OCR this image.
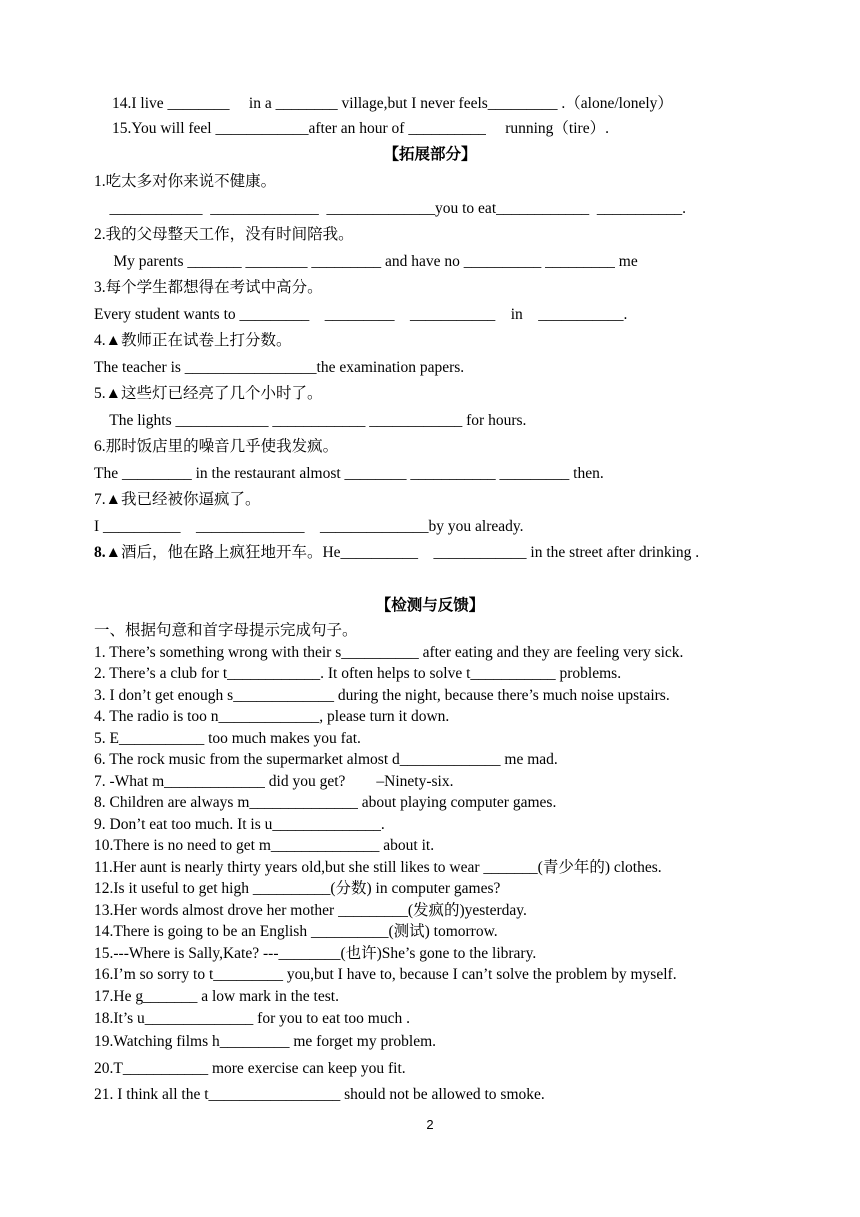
14.I live ________     in a ________ village,but I never feels_________ .（alone/lonely）
15.You will feel ____________after an hour of __________     running（tire）.
【拓展部分】
1.吃太多对你来说不健康。
____________  ______________  ______________you to eat____________  ___________.
2.我的父母整天工作，没有时间陪我。
My parents _______ ________ _________ and have no __________ _________ me
3.每个学生都想得在考试中高分。
Every student wants to _________    _________    ___________    in    ___________.
4.▲教师正在试卷上打分数。
The teacher is _________________the examination papers.
5.▲这些灯已经亮了几个小时了。
The lights ____________ ____________ ____________ for hours.
6.那时饭店里的噪音几乎使我发疯。
The _________ in the restaurant almost ________ ___________ _________ then.
7.▲我已经被你逼疯了。
I __________    ______________    ______________by you already.
8.▲酒后，他在路上疯狂地开车。He__________    ____________ in the street after drinking .
【检测与反馈】
一、根据句意和首字母提示完成句子。
1. There’s something wrong with their s__________ after eating and they are feeling very sick.
2. There’s a club for t____________. It often helps to solve t___________ problems.
3. I don’t get enough s_____________ during the night, because there’s much noise upstairs.
4. The radio is too n_____________, please turn it down.
5. E___________ too much makes you fat.
6. The rock music from the supermarket almost d_____________ me mad.
7. -What m_____________ did you get?        –Ninety-six.
8. Children are always m______________ about playing computer games.
9. Don’t eat too much. It is u______________.
10.There is no need to get m______________ about it.
11.Her aunt is nearly thirty years old,but she still likes to wear _______(青少年的) clothes.
12.Is it useful to get high __________(分数) in computer games?
13.Her words almost drove her mother _________(发疯的)yesterday.
14.There is going to be an English __________(测试) tomorrow.
15.---Where is Sally,Kate? ---________(也许)She’s gone to the library.
16.I’m so sorry to t_________ you,but I have to, because I can’t solve the problem by myself.
17.He g_______ a low mark in the test.
18.It’s u______________ for you to eat too much .
19.Watching films h_________ me forget my problem.
20.T___________ more exercise can keep you fit.
21. I think all the t_________________ should not be allowed to smoke.
2
